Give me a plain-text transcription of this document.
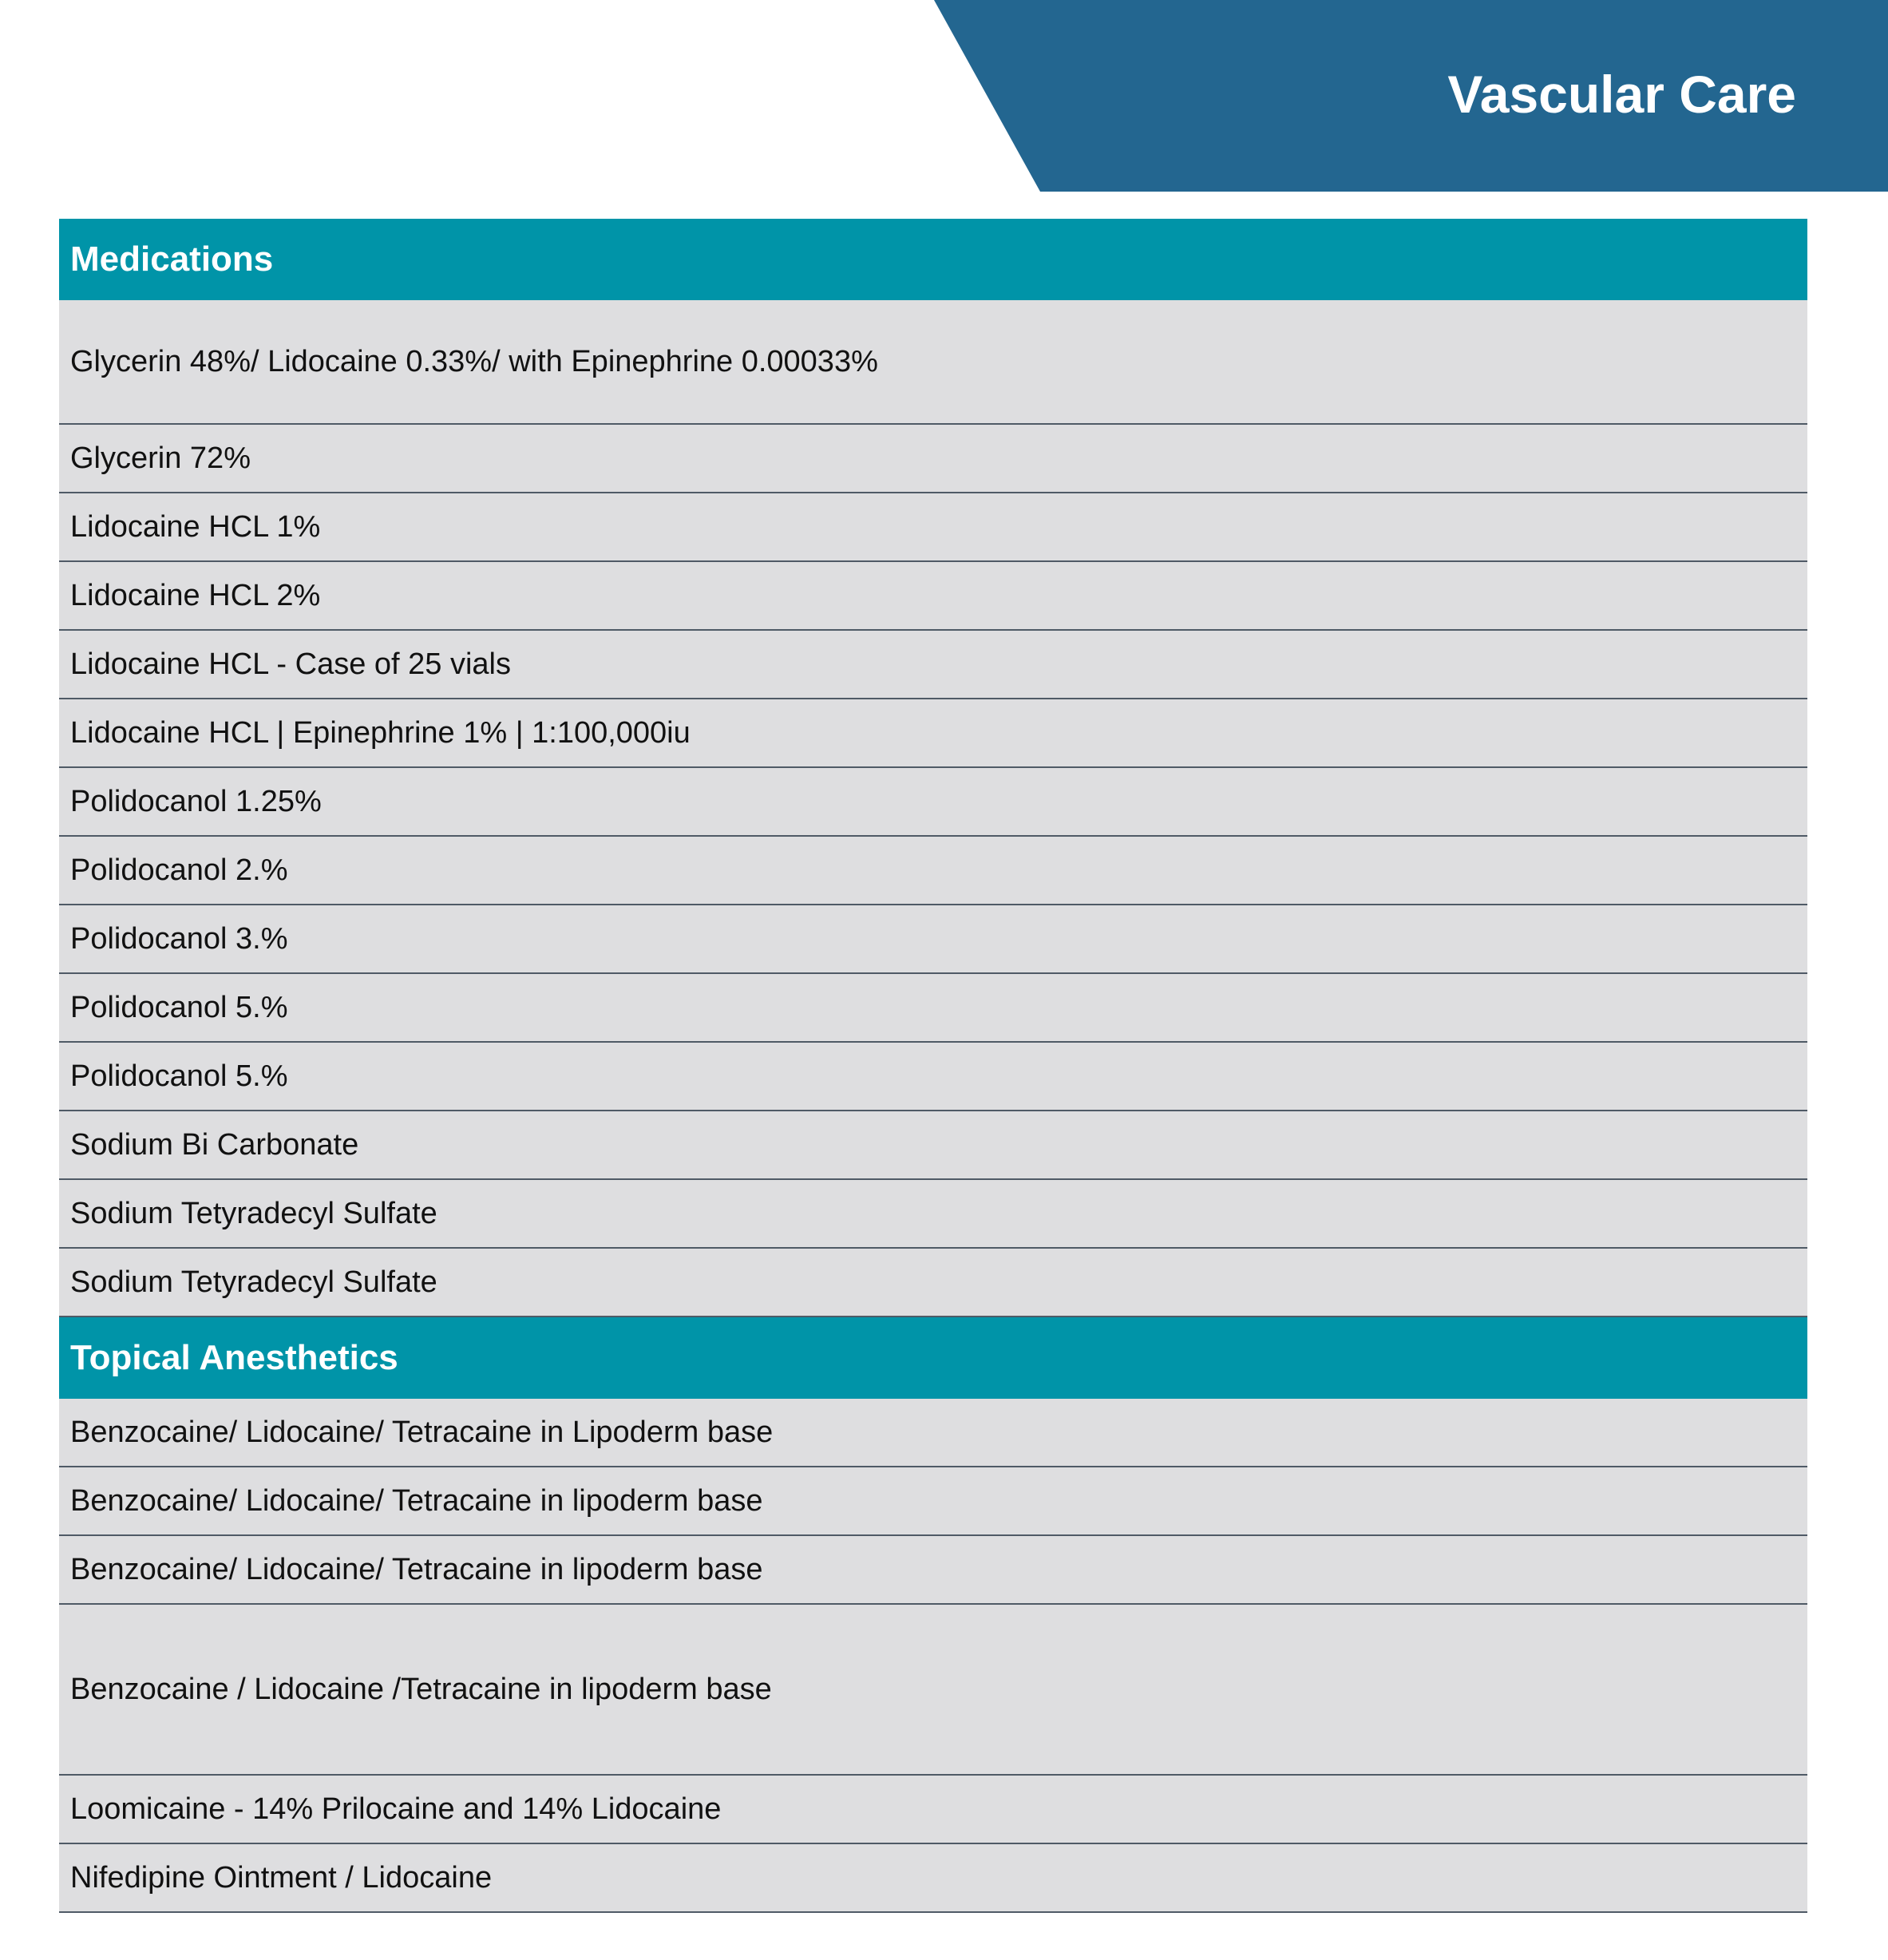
Vascular Care
Medications
Glycerin 48%/ Lidocaine 0.33%/ with Epinephrine 0.00033%
Glycerin 72%
Lidocaine HCL 1%
Lidocaine HCL 2%
Lidocaine HCL - Case of 25 vials
Lidocaine HCL | Epinephrine 1% | 1:100,000iu
Polidocanol 1.25%
Polidocanol 2.%
Polidocanol 3.%
Polidocanol 5.%
Polidocanol 5.%
Sodium Bi Carbonate
Sodium Tetyradecyl Sulfate
Sodium Tetyradecyl Sulfate
Topical Anesthetics
Benzocaine/ Lidocaine/ Tetracaine in Lipoderm base
Benzocaine/ Lidocaine/ Tetracaine in lipoderm base
Benzocaine/ Lidocaine/ Tetracaine in lipoderm base
Benzocaine / Lidocaine /Tetracaine in lipoderm base
Loomicaine - 14% Prilocaine and 14% Lidocaine
Nifedipine Ointment / Lidocaine
